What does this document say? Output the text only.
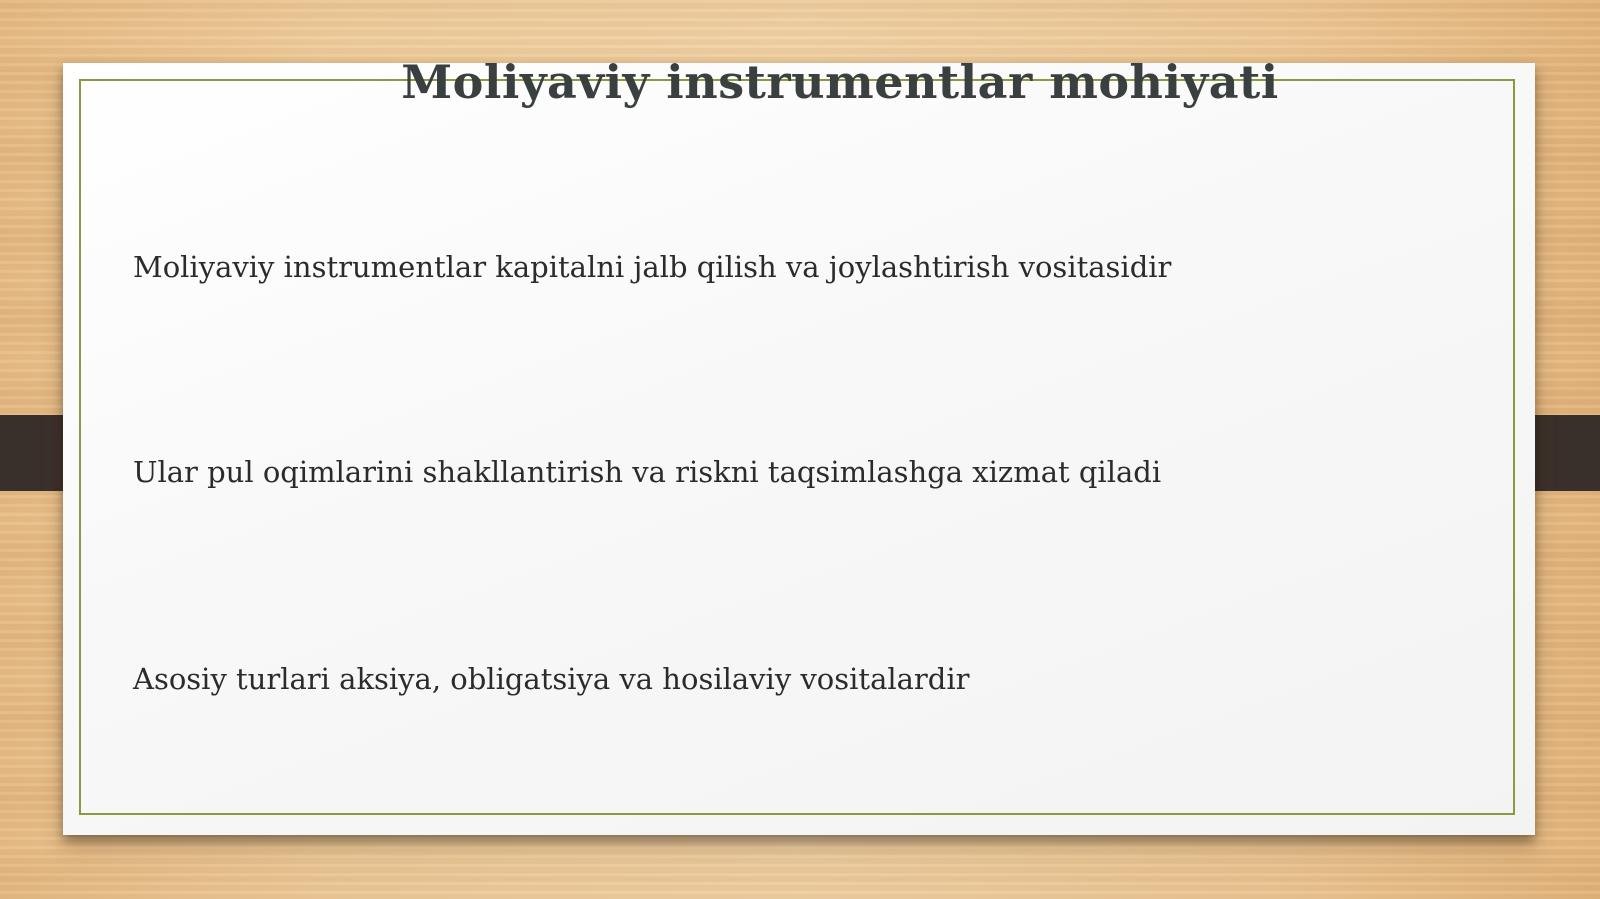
Moliyaviy instrumentlar mohiyati

Moliyaviy instrumentlar kapitalni jalb qilish va joylashtirish vositasidir

Ular pul oqimlarini shakllantirish va riskni taqsimlashga xizmat qiladi

Asosiy turlari aksiya, obligatsiya va hosilaviy vositalardir
